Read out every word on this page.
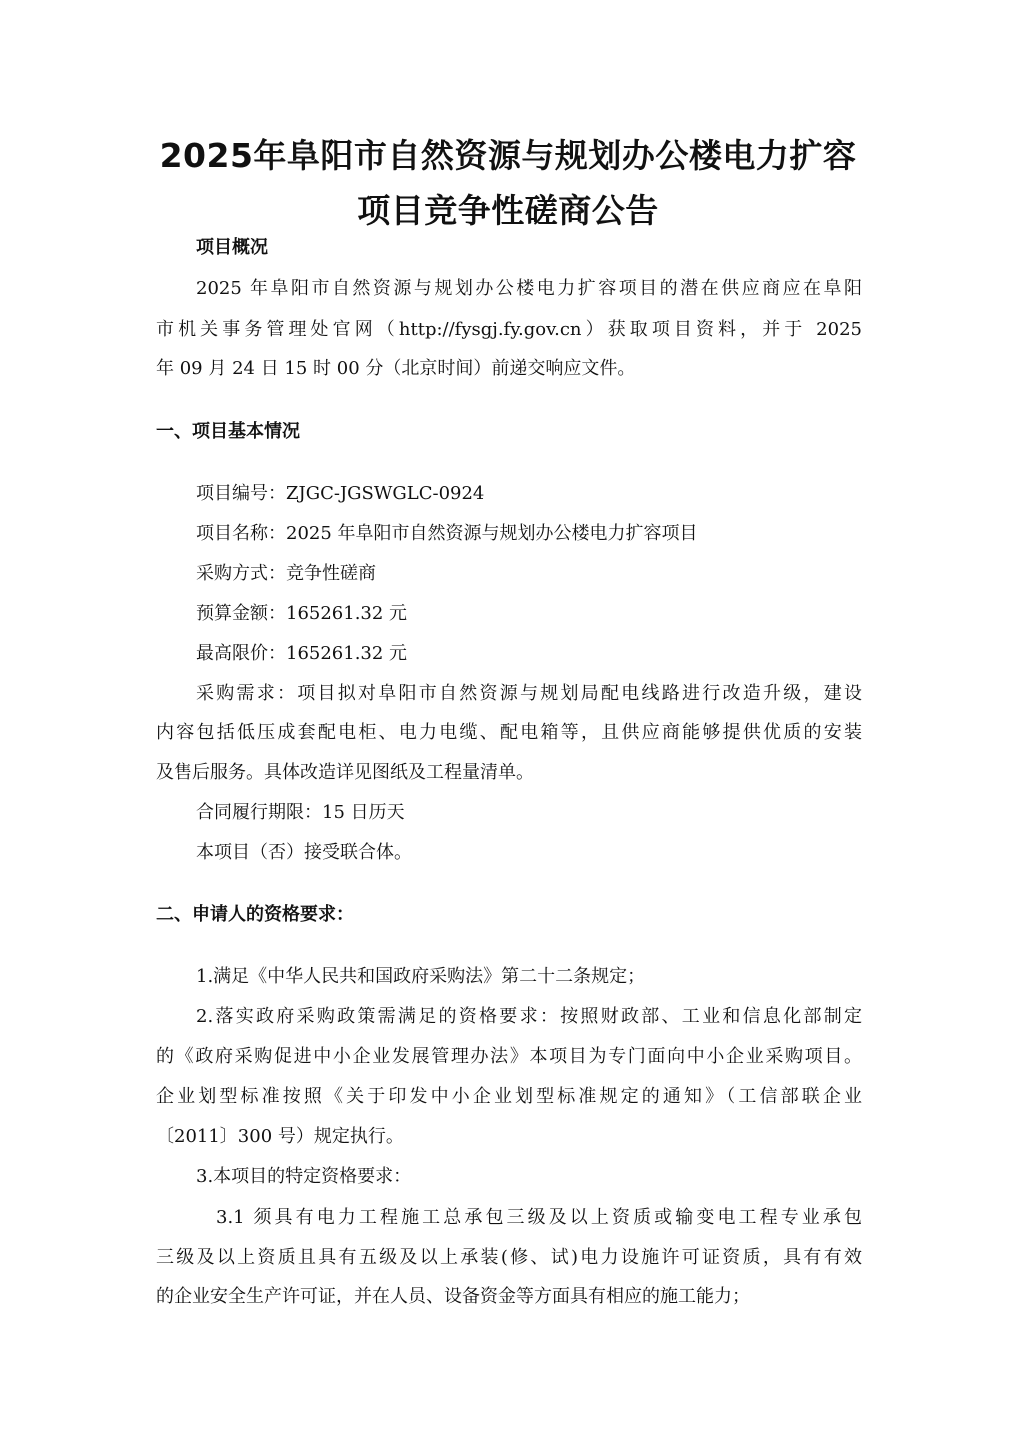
2025年阜阳市自然资源与规划办公楼电力扩容
项目竞争性磋商公告

项目概况

2025 年阜阳市自然资源与规划办公楼电力扩容项目的潜在供应商应在阜阳

市机关事务管理处官网（http://fysgj.fy.gov.cn）获取项目资料，并于 2025

年 09 月 24 日 15 时 00 分（北京时间）前递交响应文件。

一、项目基本情况

项目编号：ZJGC-JGSWGLC-0924

项目名称：2025 年阜阳市自然资源与规划办公楼电力扩容项目

采购方式：竞争性磋商

预算金额：165261.32 元

最高限价：165261.32 元

采购需求：项目拟对阜阳市自然资源与规划局配电线路进行改造升级，建设

内容包括低压成套配电柜、电力电缆、配电箱等，且供应商能够提供优质的安装

及售后服务。具体改造详见图纸及工程量清单。

合同履行期限：15 日历天

本项目（否）接受联合体。

二、申请人的资格要求：

1.满足《中华人民共和国政府采购法》第二十二条规定；

2.落实政府采购政策需满足的资格要求：按照财政部、工业和信息化部制定

的《政府采购促进中小企业发展管理办法》本项目为专门面向中小企业采购项目。

企业划型标准按照《关于印发中小企业划型标准规定的通知》（工信部联企业

〔2011〕300 号）规定执行。

3.本项目的特定资格要求：

3.1 须具有电力工程施工总承包三级及以上资质或输变电工程专业承包

三级及以上资质且具有五级及以上承装(修、试)电力设施许可证资质，具有有效

的企业安全生产许可证，并在人员、设备资金等方面具有相应的施工能力；
